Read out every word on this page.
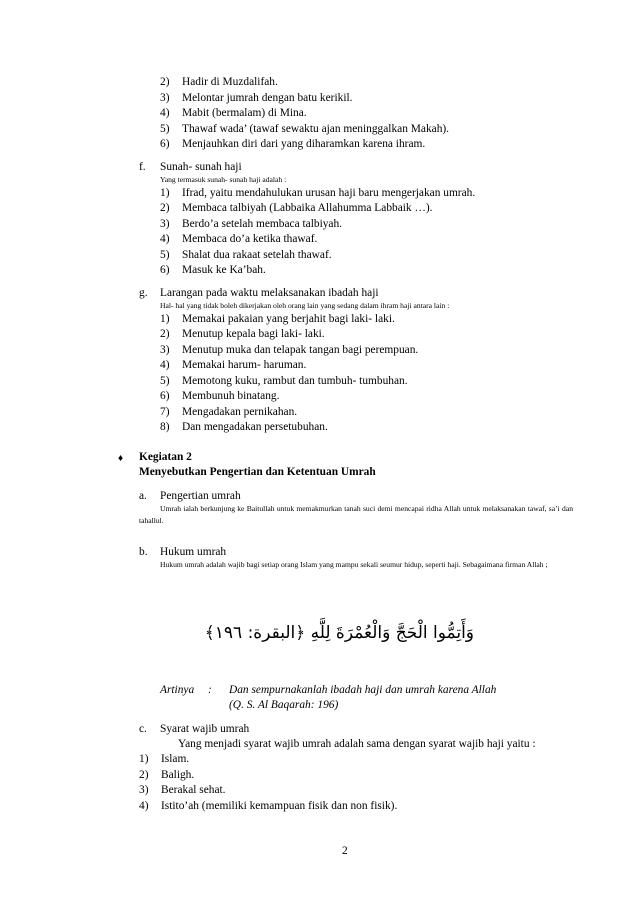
2) Hadir di Muzdalifah.
3) Melontar jumrah dengan batu kerikil.
4) Mabit (bermalam) di Mina.
5) Thawaf wada’ (tawaf sewaktu ajan meninggalkan Makah).
6) Menjauhkan diri dari yang diharamkan karena ihram.
f. Sunah- sunah haji
Yang termasuk sunah- sunah haji adalah :
1) Ifrad, yaitu mendahulukan urusan haji baru mengerjakan umrah.
2) Membaca talbiyah (Labbaika Allahumma Labbaik …).
3) Berdo’a setelah membaca talbiyah.
4) Membaca do’a ketika thawaf.
5) Shalat dua rakaat setelah thawaf.
6) Masuk ke Ka’bah.
g. Larangan pada waktu melaksanakan ibadah haji
Hal- hal yang tidak boleh dikerjakan oleh orang lain yang sedang dalam ihram haji antara lain :
1) Memakai pakaian yang berjahit bagi laki- laki.
2) Menutup kepala bagi laki- laki.
3) Menutup muka dan telapak tangan bagi perempuan.
4) Memakai harum- haruman.
5) Memotong kuku, rambut dan tumbuh- tumbuhan.
6) Membunuh binatang.
7) Mengadakan pernikahan.
8) Dan mengadakan persetubuhan.
♦ Kegiatan 2
Menyebutkan Pengertian dan Ketentuan Umrah
a. Pengertian umrah
Umrah ialah berkunjung ke Baitullah untuk memakmurkan tanah suci demi mencapai ridha Allah untuk melaksanakan tawaf, sa’i dan tahallul.
b. Hukum umrah
Hukum umrah adalah wajib bagi setiap orang Islam yang mampu sekali seumur hidup, seperti haji. Sebagaimana firman Allah ;
وَأَتِمُّوا الْحَجَّ وَالْعُمْرَةَ لِلَّهِ ﴿البقرة: ١٩٦﴾
Artinya : Dan sempurnakanlah ibadah haji dan umrah karena Allah
(Q. S. Al Baqarah: 196)
c. Syarat wajib umrah
Yang menjadi syarat wajib umrah adalah sama dengan syarat wajib haji yaitu :
1) Islam.
2) Baligh.
3) Berakal sehat.
4) Istito’ah (memiliki kemampuan fisik dan non fisik).
2
